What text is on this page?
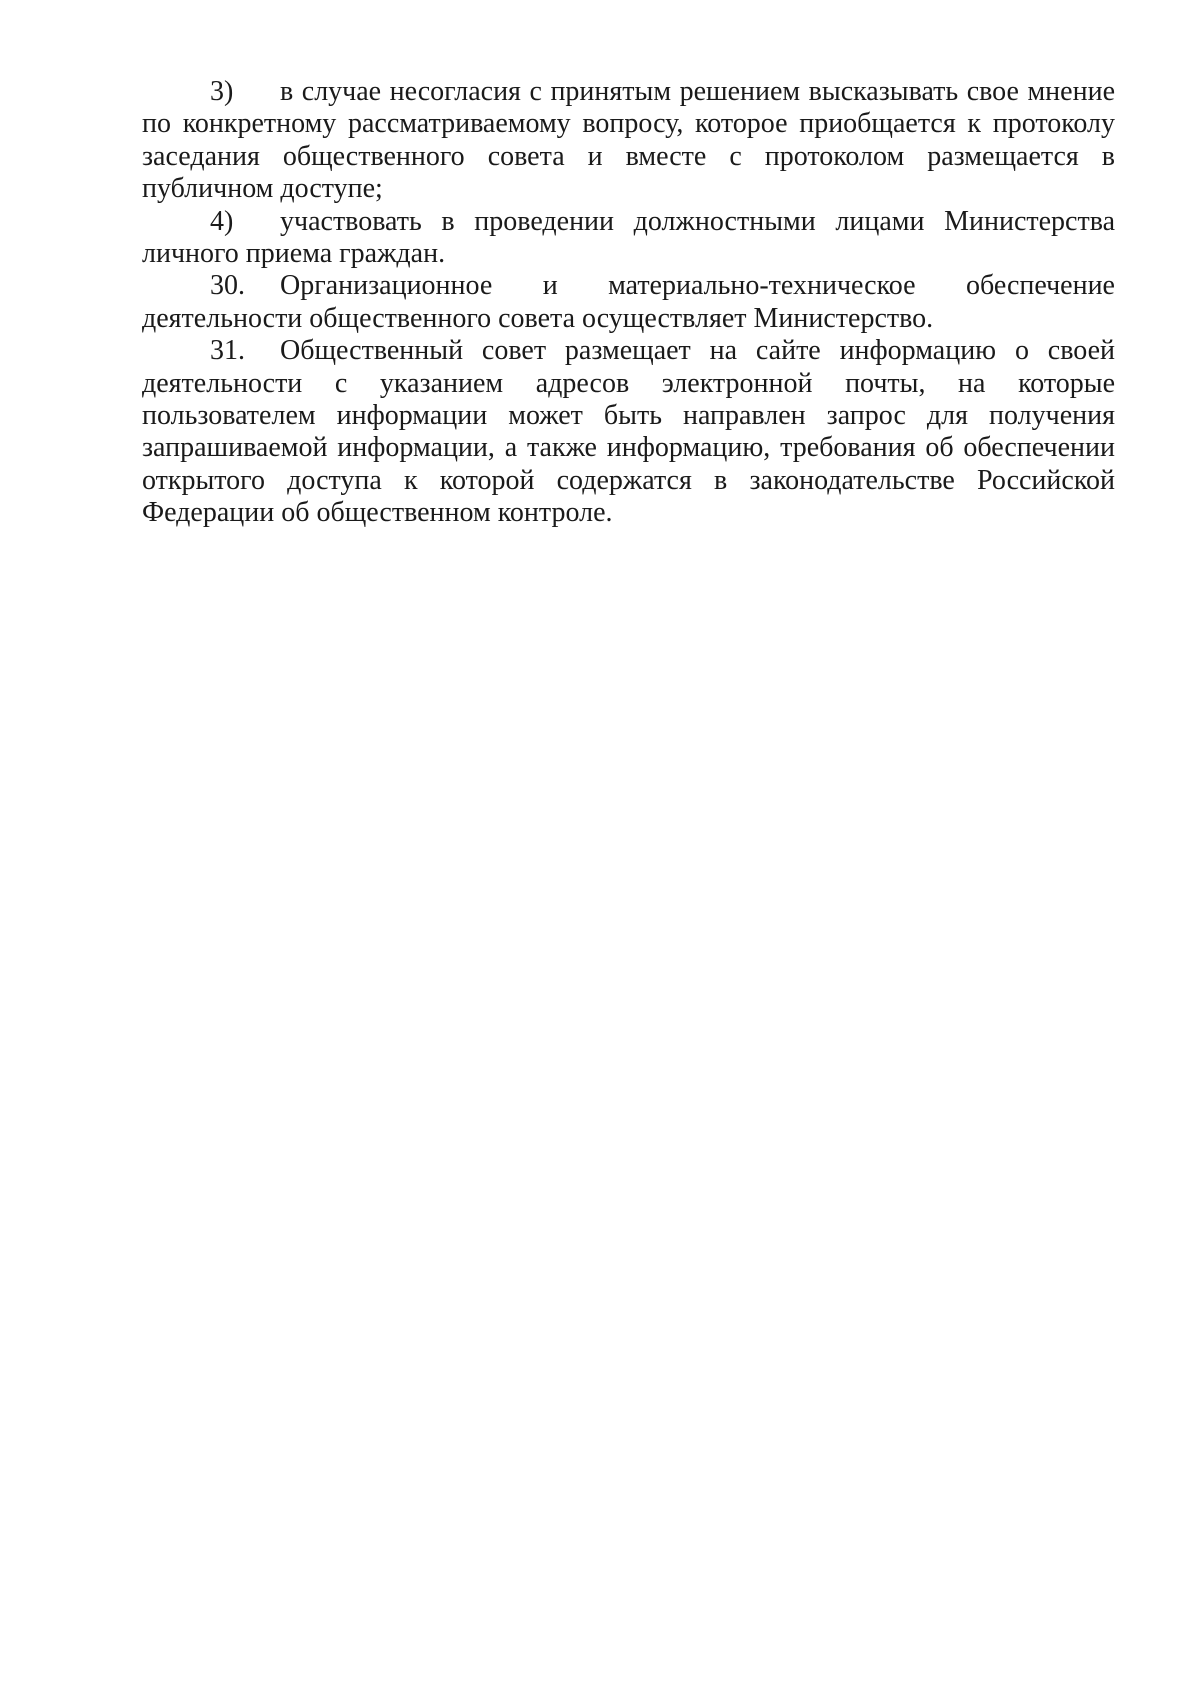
3) в случае несогласия с принятым решением высказывать свое мнение по конкретному рассматриваемому вопросу, которое приобщается к протоколу заседания общественного совета и вместе с протоколом размещается в публичном доступе;

4) участвовать в проведении должностными лицами Министерства личного приема граждан.

30. Организационное и материально-техническое обеспечение деятельности общественного совета осуществляет Министерство.

31. Общественный совет размещает на сайте информацию о своей деятельности с указанием адресов электронной почты, на которые пользователем информации может быть направлен запрос для получения запрашиваемой информации, а также информацию, требования об обеспечении открытого доступа к которой содержатся в законодательстве Российской Федерации об общественном контроле.
